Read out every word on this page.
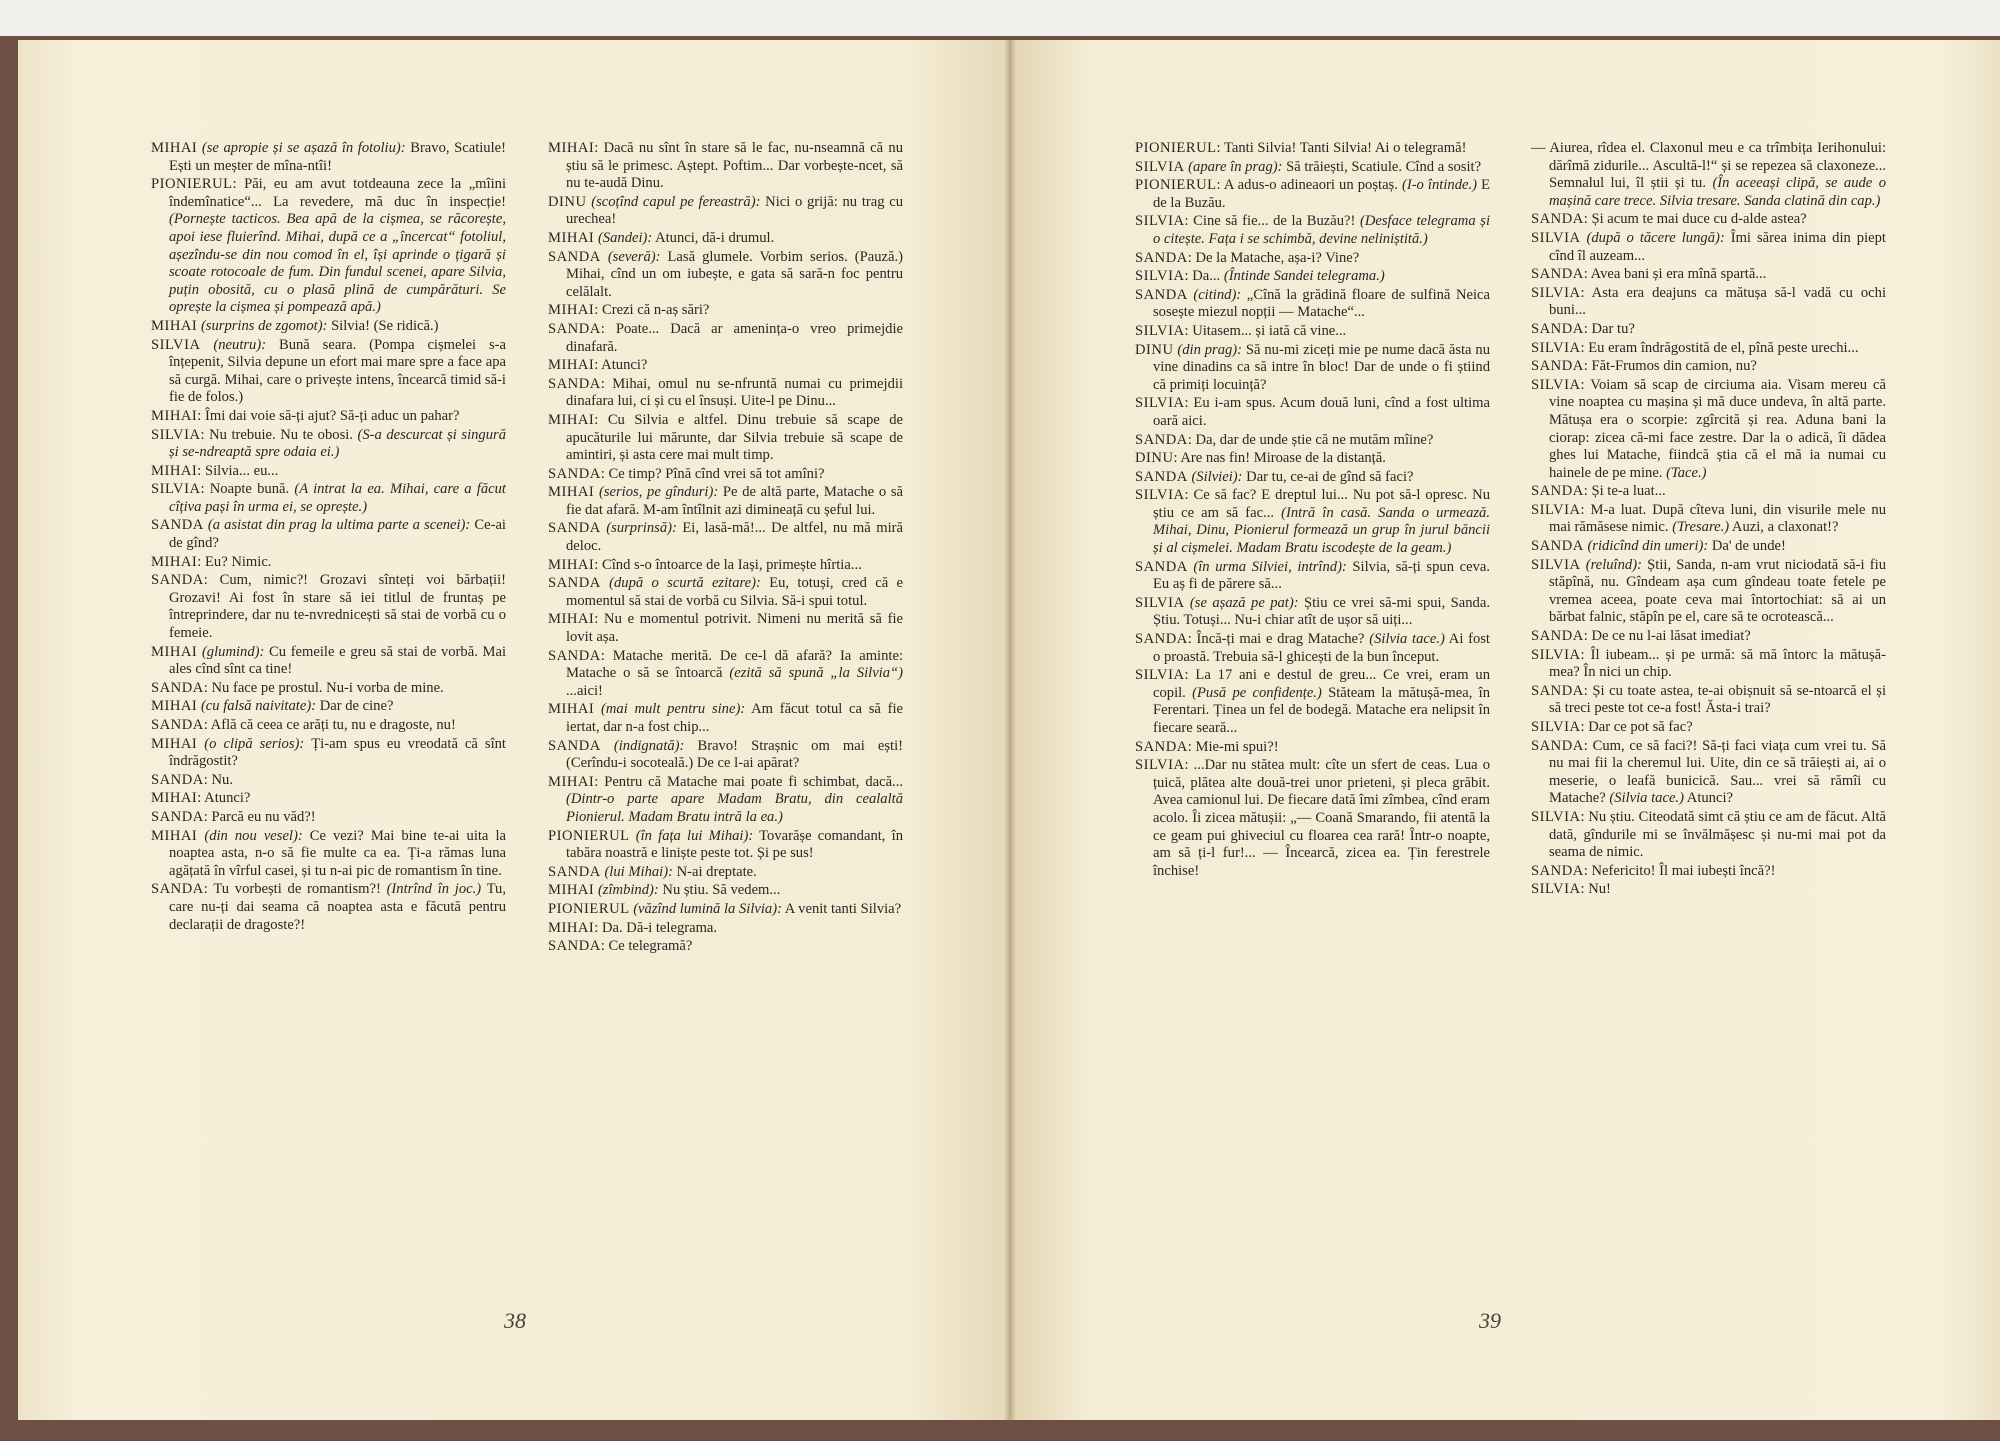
MIHAI (se apropie și se așază în fotoliu): Bravo, Scatiule! Ești un meșter de mîna-ntîi!

PIONIERUL: Păi, eu am avut totdeauna zece la „mîini îndemînatice“... La revedere, mă duc în inspecție! (Pornește tacticos. Bea apă de la cișmea, se răcorește, apoi iese fluierînd. Mihai, după ce a „încercat“ fotoliul, așezîndu-se din nou comod în el, își aprinde o țigară și scoate rotocoale de fum. Din fundul scenei, apare Silvia, puțin obosită, cu o plasă plină de cumpărături. Se oprește la cișmea și pompează apă.)

MIHAI (surprins de zgomot): Silvia! (Se ridică.)

SILVIA (neutru): Bună seara. (Pompa cișmelei s-a înțepenit, Silvia depune un efort mai mare spre a face apa să curgă. Mihai, care o privește intens, încearcă timid să-i fie de folos.)

MIHAI: Îmi dai voie să-ți ajut? Să-ți aduc un pahar?

SILVIA: Nu trebuie. Nu te obosi. (S-a descurcat și singură și se-ndreaptă spre odaia ei.)

MIHAI: Silvia... eu...

SILVIA: Noapte bună. (A intrat la ea. Mihai, care a făcut cîțiva pași în urma ei, se oprește.)

SANDA (a asistat din prag la ultima parte a scenei): Ce-ai de gînd?

MIHAI: Eu? Nimic.

SANDA: Cum, nimic?! Grozavi sînteți voi bărbații! Grozavi! Ai fost în stare să iei titlul de fruntaș pe întreprindere, dar nu te-nvrednicești să stai de vorbă cu o femeie.

MIHAI (glumind): Cu femeile e greu să stai de vorbă. Mai ales cînd sînt ca tine!

SANDA: Nu face pe prostul. Nu-i vorba de mine.

MIHAI (cu falsă naivitate): Dar de cine?

SANDA: Află că ceea ce arăți tu, nu e dragoste, nu!

MIHAI (o clipă serios): Ți-am spus eu vreodată că sînt îndrăgostit?

SANDA: Nu.

MIHAI: Atunci?

SANDA: Parcă eu nu văd?!

MIHAI (din nou vesel): Ce vezi? Mai bine te-ai uita la noaptea asta, n-o să fie multe ca ea. Ți-a rămas luna agățată în vîrful casei, și tu n-ai pic de romantism în tine.

SANDA: Tu vorbești de romantism?! (Intrînd în joc.) Tu, care nu-ți dai seama că noaptea asta e făcută pentru declarații de dragoste?!

MIHAI: Dacă nu sînt în stare să le fac, nu-nseamnă că nu știu să le primesc. Aștept. Poftim... Dar vorbește-ncet, să nu te-audă Dinu.

DINU (scoțînd capul pe fereastră): Nici o grijă: nu trag cu urechea!

MIHAI (Sandei): Atunci, dă-i drumul.

SANDA (severă): Lasă glumele. Vorbim serios. (Pauză.) Mihai, cînd un om iubește, e gata să sară-n foc pentru celălalt.

MIHAI: Crezi că n-aș sări?

SANDA: Poate... Dacă ar amenința-o vreo primejdie dinafară.

MIHAI: Atunci?

SANDA: Mihai, omul nu se-nfruntă numai cu primejdii dinafara lui, ci și cu el însuși. Uite-l pe Dinu...

MIHAI: Cu Silvia e altfel. Dinu trebuie să scape de apucăturile lui mărunte, dar Silvia trebuie să scape de amintiri, și asta cere mai mult timp.

SANDA: Ce timp? Pînă cînd vrei să tot amîni?

MIHAI (serios, pe gînduri): Pe de altă parte, Matache o să fie dat afară. M-am întîlnit azi dimineață cu șeful lui.

SANDA (surprinsă): Ei, lasă-mă!... De altfel, nu mă miră deloc.

MIHAI: Cînd s-o întoarce de la Iași, primește hîrtia...

SANDA (după o scurtă ezitare): Eu, totuși, cred că e momentul să stai de vorbă cu Silvia. Să-i spui totul.

MIHAI: Nu e momentul potrivit. Nimeni nu merită să fie lovit așa.

SANDA: Matache merită. De ce-l dă afară? Ia aminte: Matache o să se întoarcă (ezită să spună „la Silvia“) ...aici!

MIHAI (mai mult pentru sine): Am făcut totul ca să fie iertat, dar n-a fost chip...

SANDA (indignată): Bravo! Strașnic om mai ești! (Cerîndu-i socoteală.) De ce l-ai apărat?

MIHAI: Pentru că Matache mai poate fi schimbat, dacă... (Dintr-o parte apare Madam Bratu, din cealaltă Pionierul. Madam Bratu intră la ea.)

PIONIERUL (în fața lui Mihai): Tovarășe comandant, în tabăra noastră e liniște peste tot. Și pe sus!

SANDA (lui Mihai): N-ai dreptate.

MIHAI (zîmbind): Nu știu. Să vedem...

PIONIERUL (văzînd lumină la Silvia): A venit tanti Silvia?

MIHAI: Da. Dă-i telegrama.

SANDA: Ce telegramă?

38

PIONIERUL: Tanti Silvia! Tanti Silvia! Ai o telegramă!

SILVIA (apare în prag): Să trăiești, Scatiule. Cînd a sosit?

PIONIERUL: A adus-o adineaori un poștaș. (I-o întinde.) E de la Buzău.

SILVIA: Cine să fie... de la Buzău?! (Desface telegrama și o citește. Fața i se schimbă, devine neliniștită.)

SANDA: De la Matache, așa-i? Vine?

SILVIA: Da... (Întinde Sandei telegrama.)

SANDA (citind): „Cînă la grădină floare de sulfină Neica sosește miezul nopții — Matache“...

SILVIA: Uitasem... și iată că vine...

DINU (din prag): Să nu-mi ziceți mie pe nume dacă ăsta nu vine dinadins ca să intre în bloc! Dar de unde o fi știind că primiți locuință?

SILVIA: Eu i-am spus. Acum două luni, cînd a fost ultima oară aici.

SANDA: Da, dar de unde știe că ne mutăm mîine?

DINU: Are nas fin! Miroase de la distanță.

SANDA (Silviei): Dar tu, ce-ai de gînd să faci?

SILVIA: Ce să fac? E dreptul lui... Nu pot să-l opresc. Nu știu ce am să fac... (Intră în casă. Sanda o urmează. Mihai, Dinu, Pionierul formează un grup în jurul băncii și al cișmelei. Madam Bratu iscodește de la geam.)

SANDA (în urma Silviei, intrînd): Silvia, să-ți spun ceva. Eu aș fi de părere să...

SILVIA (se așază pe pat): Știu ce vrei să-mi spui, Sanda. Știu. Totuși... Nu-i chiar atît de ușor să uiți...

SANDA: Încă-ți mai e drag Matache? (Silvia tace.) Ai fost o proastă. Trebuia să-l ghicești de la bun început.

SILVIA: La 17 ani e destul de greu... Ce vrei, eram un copil. (Pusă pe confidențe.) Stăteam la mătușă-mea, în Ferentari. Ținea un fel de bodegă. Matache era nelipsit în fiecare seară...

SANDA: Mie-mi spui?!

SILVIA: ...Dar nu stătea mult: cîte un sfert de ceas. Lua o țuică, plătea alte două-trei unor prieteni, și pleca grăbit. Avea camionul lui. De fiecare dată îmi zîmbea, cînd eram acolo. Îi zicea mătușii: „— Coană Smarando, fii atentă la ce geam pui ghiveciul cu floarea cea rară! Într-o noapte, am să ți-l fur!... — Încearcă, zicea ea. Țin ferestrele închise!

— Aiurea, rîdea el. Claxonul meu e ca trîmbița Ierihonului: dărîmă zidurile... Ascultă-l!“ și se repezea să claxoneze... Semnalul lui, îl știi și tu. (În aceeași clipă, se aude o mașină care trece. Silvia tresare. Sanda clatină din cap.)

SANDA: Și acum te mai duce cu d-alde astea?

SILVIA (după o tăcere lungă): Îmi sărea inima din piept cînd îl auzeam...

SANDA: Avea bani și era mînă spartă...

SILVIA: Asta era deajuns ca mătușa să-l vadă cu ochi buni...

SANDA: Dar tu?

SILVIA: Eu eram îndrăgostită de el, pînă peste urechi...

SANDA: Făt-Frumos din camion, nu?

SILVIA: Voiam să scap de circiuma aia. Visam mereu că vine noaptea cu mașina și mă duce undeva, în altă parte. Mătușa era o scorpie: zgîrcită și rea. Aduna bani la ciorap: zicea că-mi face zestre. Dar la o adică, îi dădea ghes lui Matache, fiindcă știa că el mă ia numai cu hainele de pe mine. (Tace.)

SANDA: Și te-a luat...

SILVIA: M-a luat. După cîteva luni, din visurile mele nu mai rămăsese nimic. (Tresare.) Auzi, a claxonat!?

SANDA (ridicînd din umeri): Da' de unde!

SILVIA (reluînd): Știi, Sanda, n-am vrut niciodată să-i fiu stăpînă, nu. Gîndeam așa cum gîndeau toate fetele pe vremea aceea, poate ceva mai întortochiat: să ai un bărbat falnic, stăpîn pe el, care să te ocrotească...

SANDA: De ce nu l-ai lăsat imediat?

SILVIA: Îl iubeam... și pe urmă: să mă întorc la mătușă-mea? În nici un chip.

SANDA: Și cu toate astea, te-ai obișnuit să se-ntoarcă el și să treci peste tot ce-a fost! Ăsta-i trai?

SILVIA: Dar ce pot să fac?

SANDA: Cum, ce să faci?! Să-ți faci viața cum vrei tu. Să nu mai fii la cheremul lui. Uite, din ce să trăiești ai, ai o meserie, o leafă bunicică. Sau... vrei să rămîi cu Matache? (Silvia tace.) Atunci?

SILVIA: Nu știu. Citeodată simt că știu ce am de făcut. Altă dată, gîndurile mi se învălmășesc și nu-mi mai pot da seama de nimic.

SANDA: Nefericito! Îl mai iubești încă?!

SILVIA: Nu!

39
